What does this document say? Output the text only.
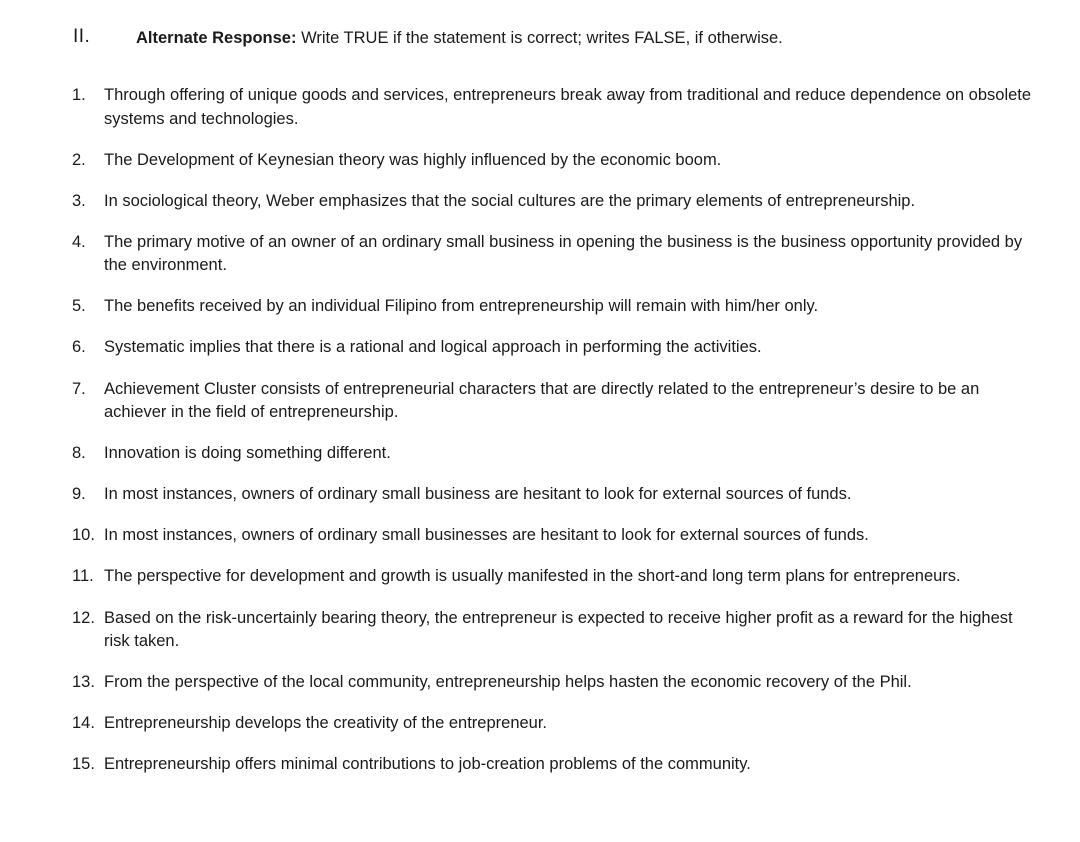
II.	Alternate Response: Write TRUE if the statement is correct; writes FALSE, if otherwise.
1.	Through offering of unique goods and services, entrepreneurs break away from traditional and reduce dependence on obsolete systems and technologies.
2.	The Development of Keynesian theory was highly influenced by the economic boom.
3.	In sociological theory, Weber emphasizes that the social cultures are the primary elements of entrepreneurship.
4.	The primary motive of an owner of an ordinary small business in opening the business is the business opportunity provided by the environment.
5.	The benefits received by an individual Filipino from entrepreneurship will remain with him/her only.
6.	Systematic implies that there is a rational and logical approach in performing the activities.
7.	Achievement Cluster consists of entrepreneurial characters that are directly related to the entrepreneur’s desire to be an achiever in the field of entrepreneurship.
8.	Innovation is doing something different.
9.	In most instances, owners of ordinary small business are hesitant to look for external sources of funds.
10. In most instances, owners of ordinary small businesses are hesitant to look for external sources of funds.
11. The perspective for development and growth is usually manifested in the short-and long term plans for entrepreneurs.
12. Based on the risk-uncertainly bearing theory, the entrepreneur is expected to receive higher profit as a reward for the highest risk taken.
13. From the perspective of the local community, entrepreneurship helps hasten the economic recovery of the Phil.
14. Entrepreneurship develops the creativity of the entrepreneur.
15. Entrepreneurship offers minimal contributions to job-creation problems of the community.
